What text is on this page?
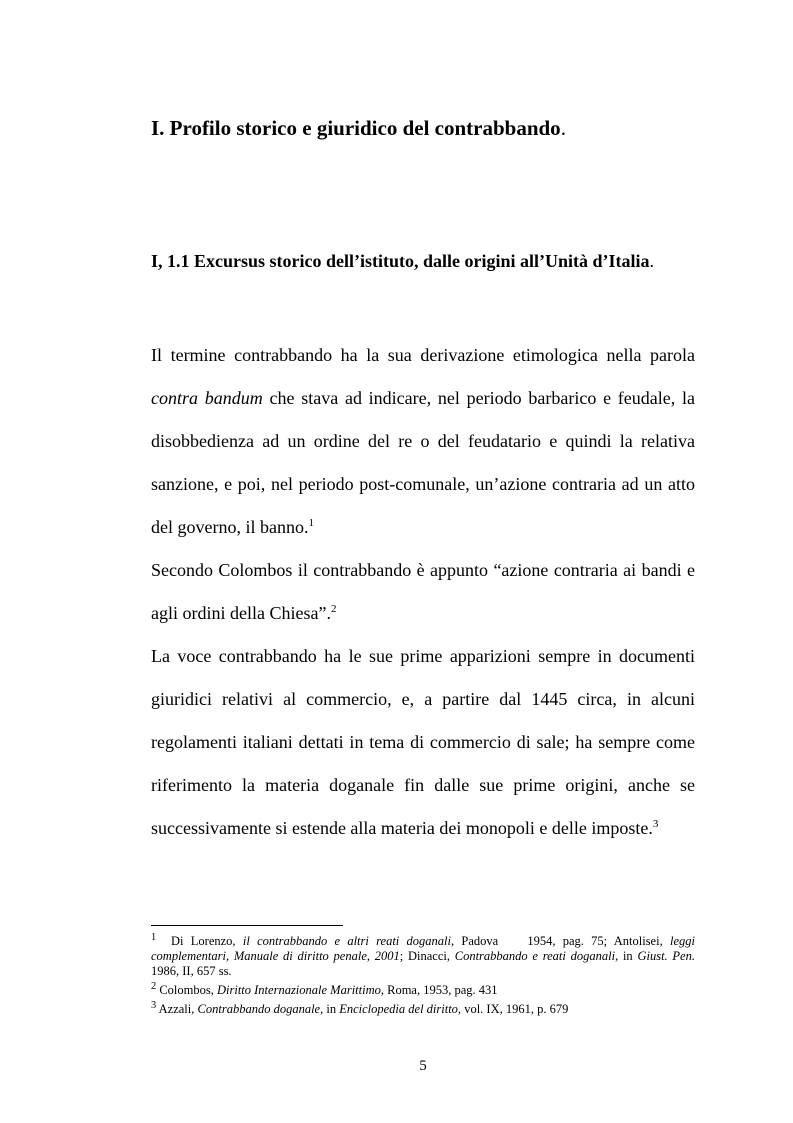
I. Profilo storico e giuridico del contrabbando.
I, 1.1 Excursus storico dell’istituto, dalle origini all’Unità d’Italia.

Il termine contrabbando ha la sua derivazione etimologica nella parola contra bandum che stava ad indicare, nel periodo barbarico e feudale, la disobbedienza ad un ordine del re o del feudatario e quindi la relativa sanzione, e poi, nel periodo post-comunale, un’azione contraria ad un atto del governo, il banno.$^1$

Secondo Colombos il contrabbando è appunto “azione contraria ai bandi e agli ordini della Chiesa”.$^2$

La voce contrabbando ha le sue prime apparizioni sempre in documenti giuridici relativi al commercio, e, a partire dal 1445 circa, in alcuni regolamenti italiani dettati in tema di commercio di sale; ha sempre come riferimento la materia doganale fin dalle sue prime origini, anche se successivamente si estende alla materia dei monopoli e delle imposte.$^3$

$^1$ Di Lorenzo, il contrabbando e altri reati doganali, Padova    1954, pag. 75; Antolisei, leggi complementari, Manuale di diritto penale, 2001; Dinacci, Contrabbando e reati doganali, in Giust. Pen. 1986, II, 657 ss.

$^2$ Colombos, Diritto Internazionale Marittimo, Roma, 1953, pag. 431

$^3$ Azzali, Contrabbando doganale, in Enciclopedia del diritto, vol. IX, 1961, p. 679

5
